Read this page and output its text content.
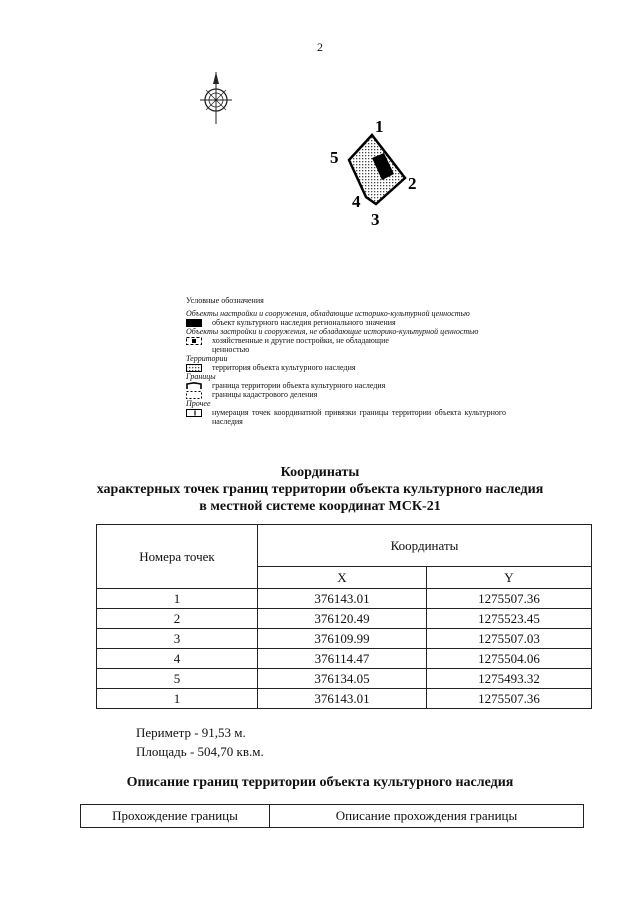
2
1
2
3
4
5
Условные обозначения
Объекты настройки и сооружения, обладающие историко-культурной ценностью
объект культурного наследия регионального значения
Объекты застройки и сооружения, не обладающие историко-культурной ценностью
хозяйственные и другие постройки, не обладающие
ценностью
Территории
территория объекта культурного наследия
Границы
граница территории объекта культурного наследия
границы кадастрового деления
Прочее
нумерация точек координатной привязки границы территории объекта культурного наследия
Координаты
характерных точек границ территории объекта культурного наследия
в местной системе координат МСК-21
Номера точек	Координаты	
	X	Y
1	376143.01	1275507.36
2	376120.49	1275523.45
3	376109.99	1275507.03
4	376114.47	1275504.06
5	376134.05	1275493.32
1	376143.01	1275507.36
Периметр - 91,53 м.
Площадь - 504,70 кв.м.
Описание границ территории объекта культурного наследия
Прохождение границы	Описание прохождения границы
